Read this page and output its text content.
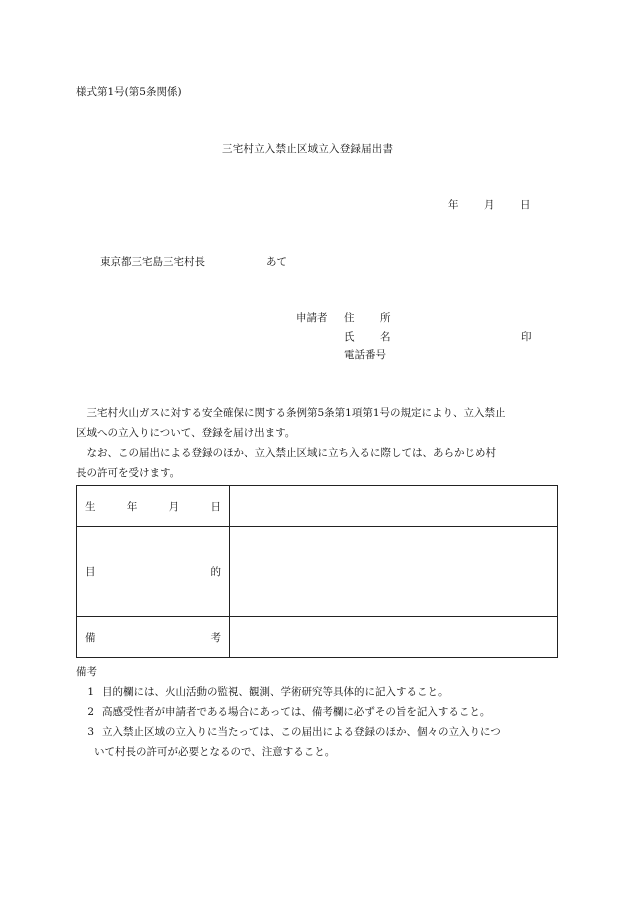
様式第1号(第5条関係)
三宅村立入禁止区域立入登録届出書
年 月 日
東京都三宅島三宅村長	あて
申請者 住 所
氏 名	印
電話番号
三宅村火山ガスに対する安全確保に関する条例第5条第1項第1号の規定により、立入禁止
区域への立入りについて、登録を届け出ます。
なお、この届出による登録のほか、立入禁止区域に立ち入るに際しては、あらかじめ村
長の許可を受けます。
生 年 月 日	

目 的	

備 考	

備考
1 目的欄には、火山活動の監視、観測、学術研究等具体的に記入すること。
2 高感受性者が申請者である場合にあっては、備考欄に必ずその旨を記入すること。
3 立入禁止区域の立入りに当たっては、この届出による登録のほか、個々の立入りにつ
いて村長の許可が必要となるので、注意すること。
